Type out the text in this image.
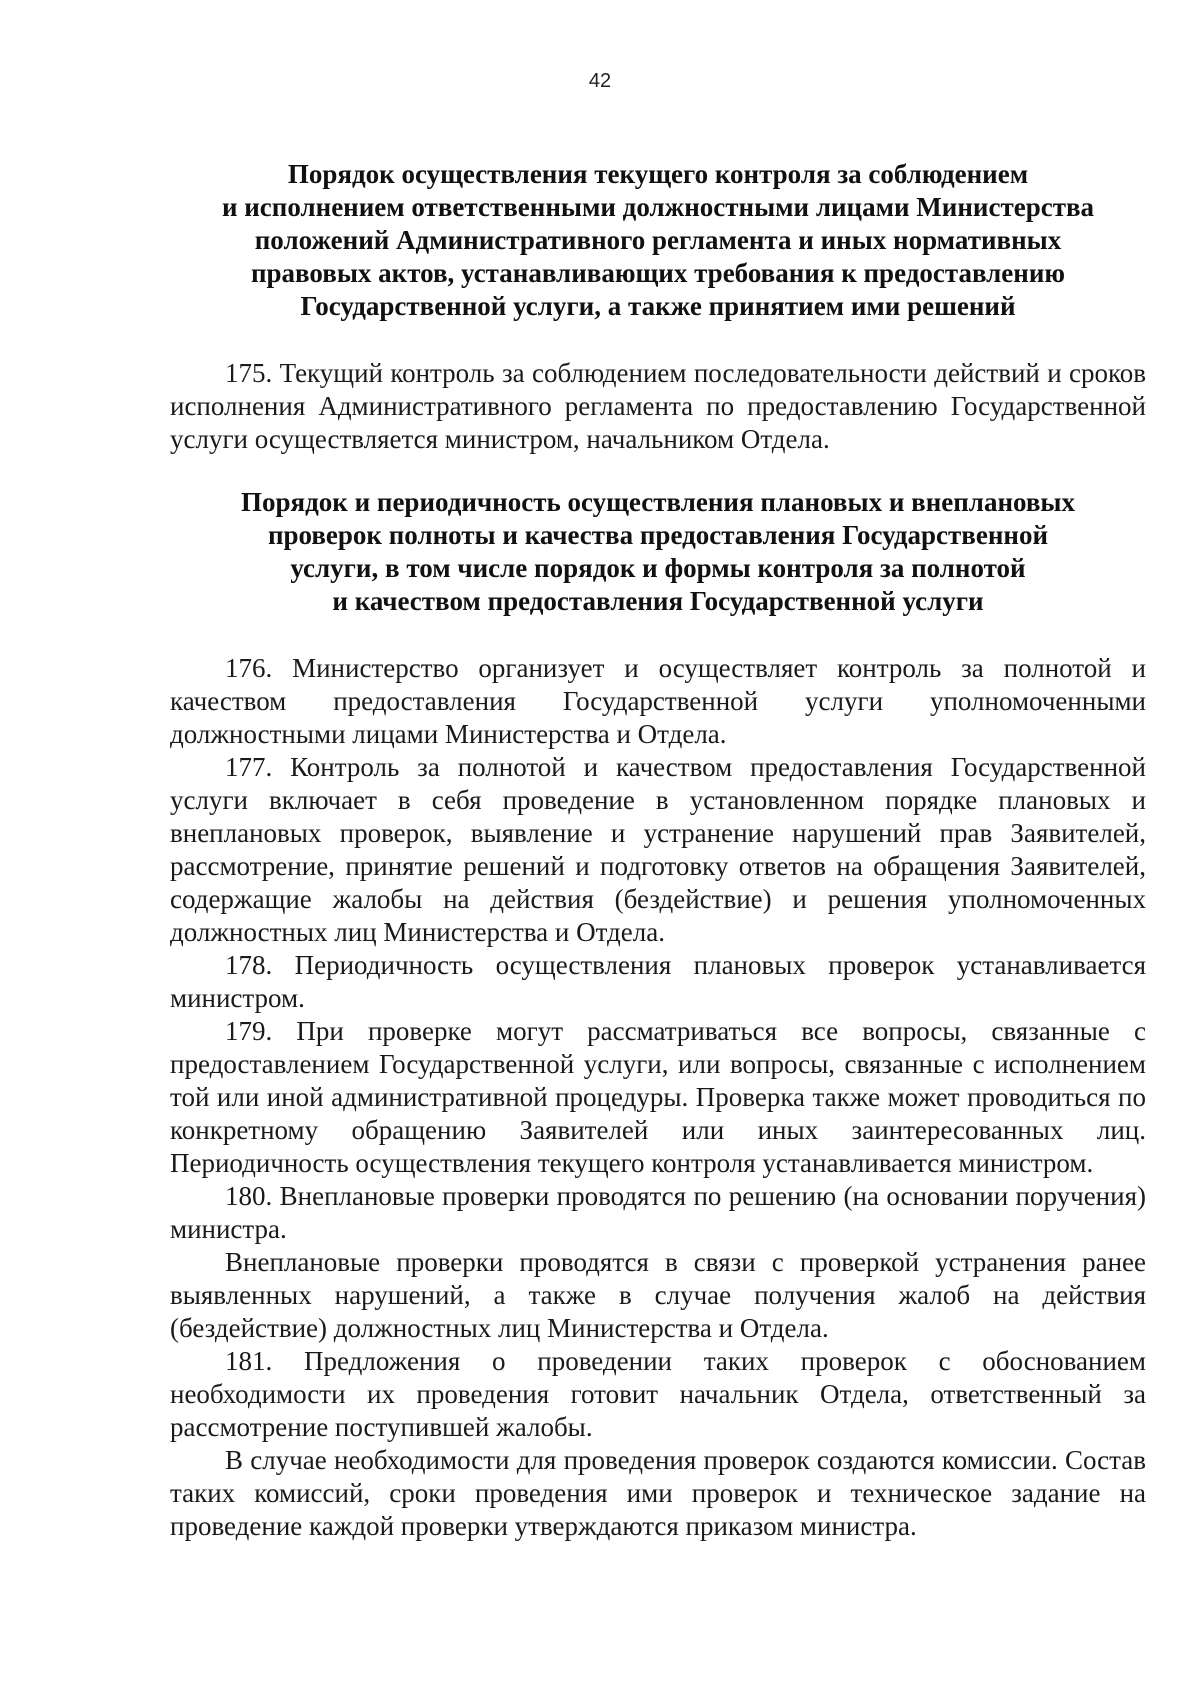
42
Порядок осуществления текущего контроля за соблюдением
и исполнением ответственными должностными лицами Министерства
положений Административного регламента и иных нормативных
правовых актов, устанавливающих требования к предоставлению
Государственной услуги, а также принятием ими решений

175. Текущий контроль за соблюдением последовательности действий и сроков исполнения Административного регламента по предоставлению Государственной услуги осуществляется министром, начальником Отдела.

Порядок и периодичность осуществления плановых и внеплановых
проверок полноты и качества предоставления Государственной
услуги, в том числе порядок и формы контроля за полнотой
и качеством предоставления Государственной услуги

176. Министерство организует и осуществляет контроль за полнотой и качеством предоставления Государственной услуги уполномоченными должностными лицами Министерства и Отдела.

177. Контроль за полнотой и качеством предоставления Государственной услуги включает в себя проведение в установленном порядке плановых и внеплановых проверок, выявление и устранение нарушений прав Заявителей, рассмотрение, принятие решений и подготовку ответов на обращения Заявителей, содержащие жалобы на действия (бездействие) и решения уполномоченных должностных лиц Министерства и Отдела.

178. Периодичность осуществления плановых проверок устанавливается министром.

179. При проверке могут рассматриваться все вопросы, связанные с предоставлением Государственной услуги, или вопросы, связанные с исполнением той или иной административной процедуры. Проверка также может проводиться по конкретному обращению Заявителей или иных заинтересованных лиц. Периодичность осуществления текущего контроля устанавливается министром.

180. Внеплановые проверки проводятся по решению (на основании поручения) министра.

Внеплановые проверки проводятся в связи с проверкой устранения ранее выявленных нарушений, а также в случае получения жалоб на действия (бездействие) должностных лиц Министерства и Отдела.

181. Предложения о проведении таких проверок с обоснованием необходимости их проведения готовит начальник Отдела, ответственный за рассмотрение поступившей жалобы.

В случае необходимости для проведения проверок создаются комиссии. Состав таких комиссий, сроки проведения ими проверок и техническое задание на проведение каждой проверки утверждаются приказом министра.
